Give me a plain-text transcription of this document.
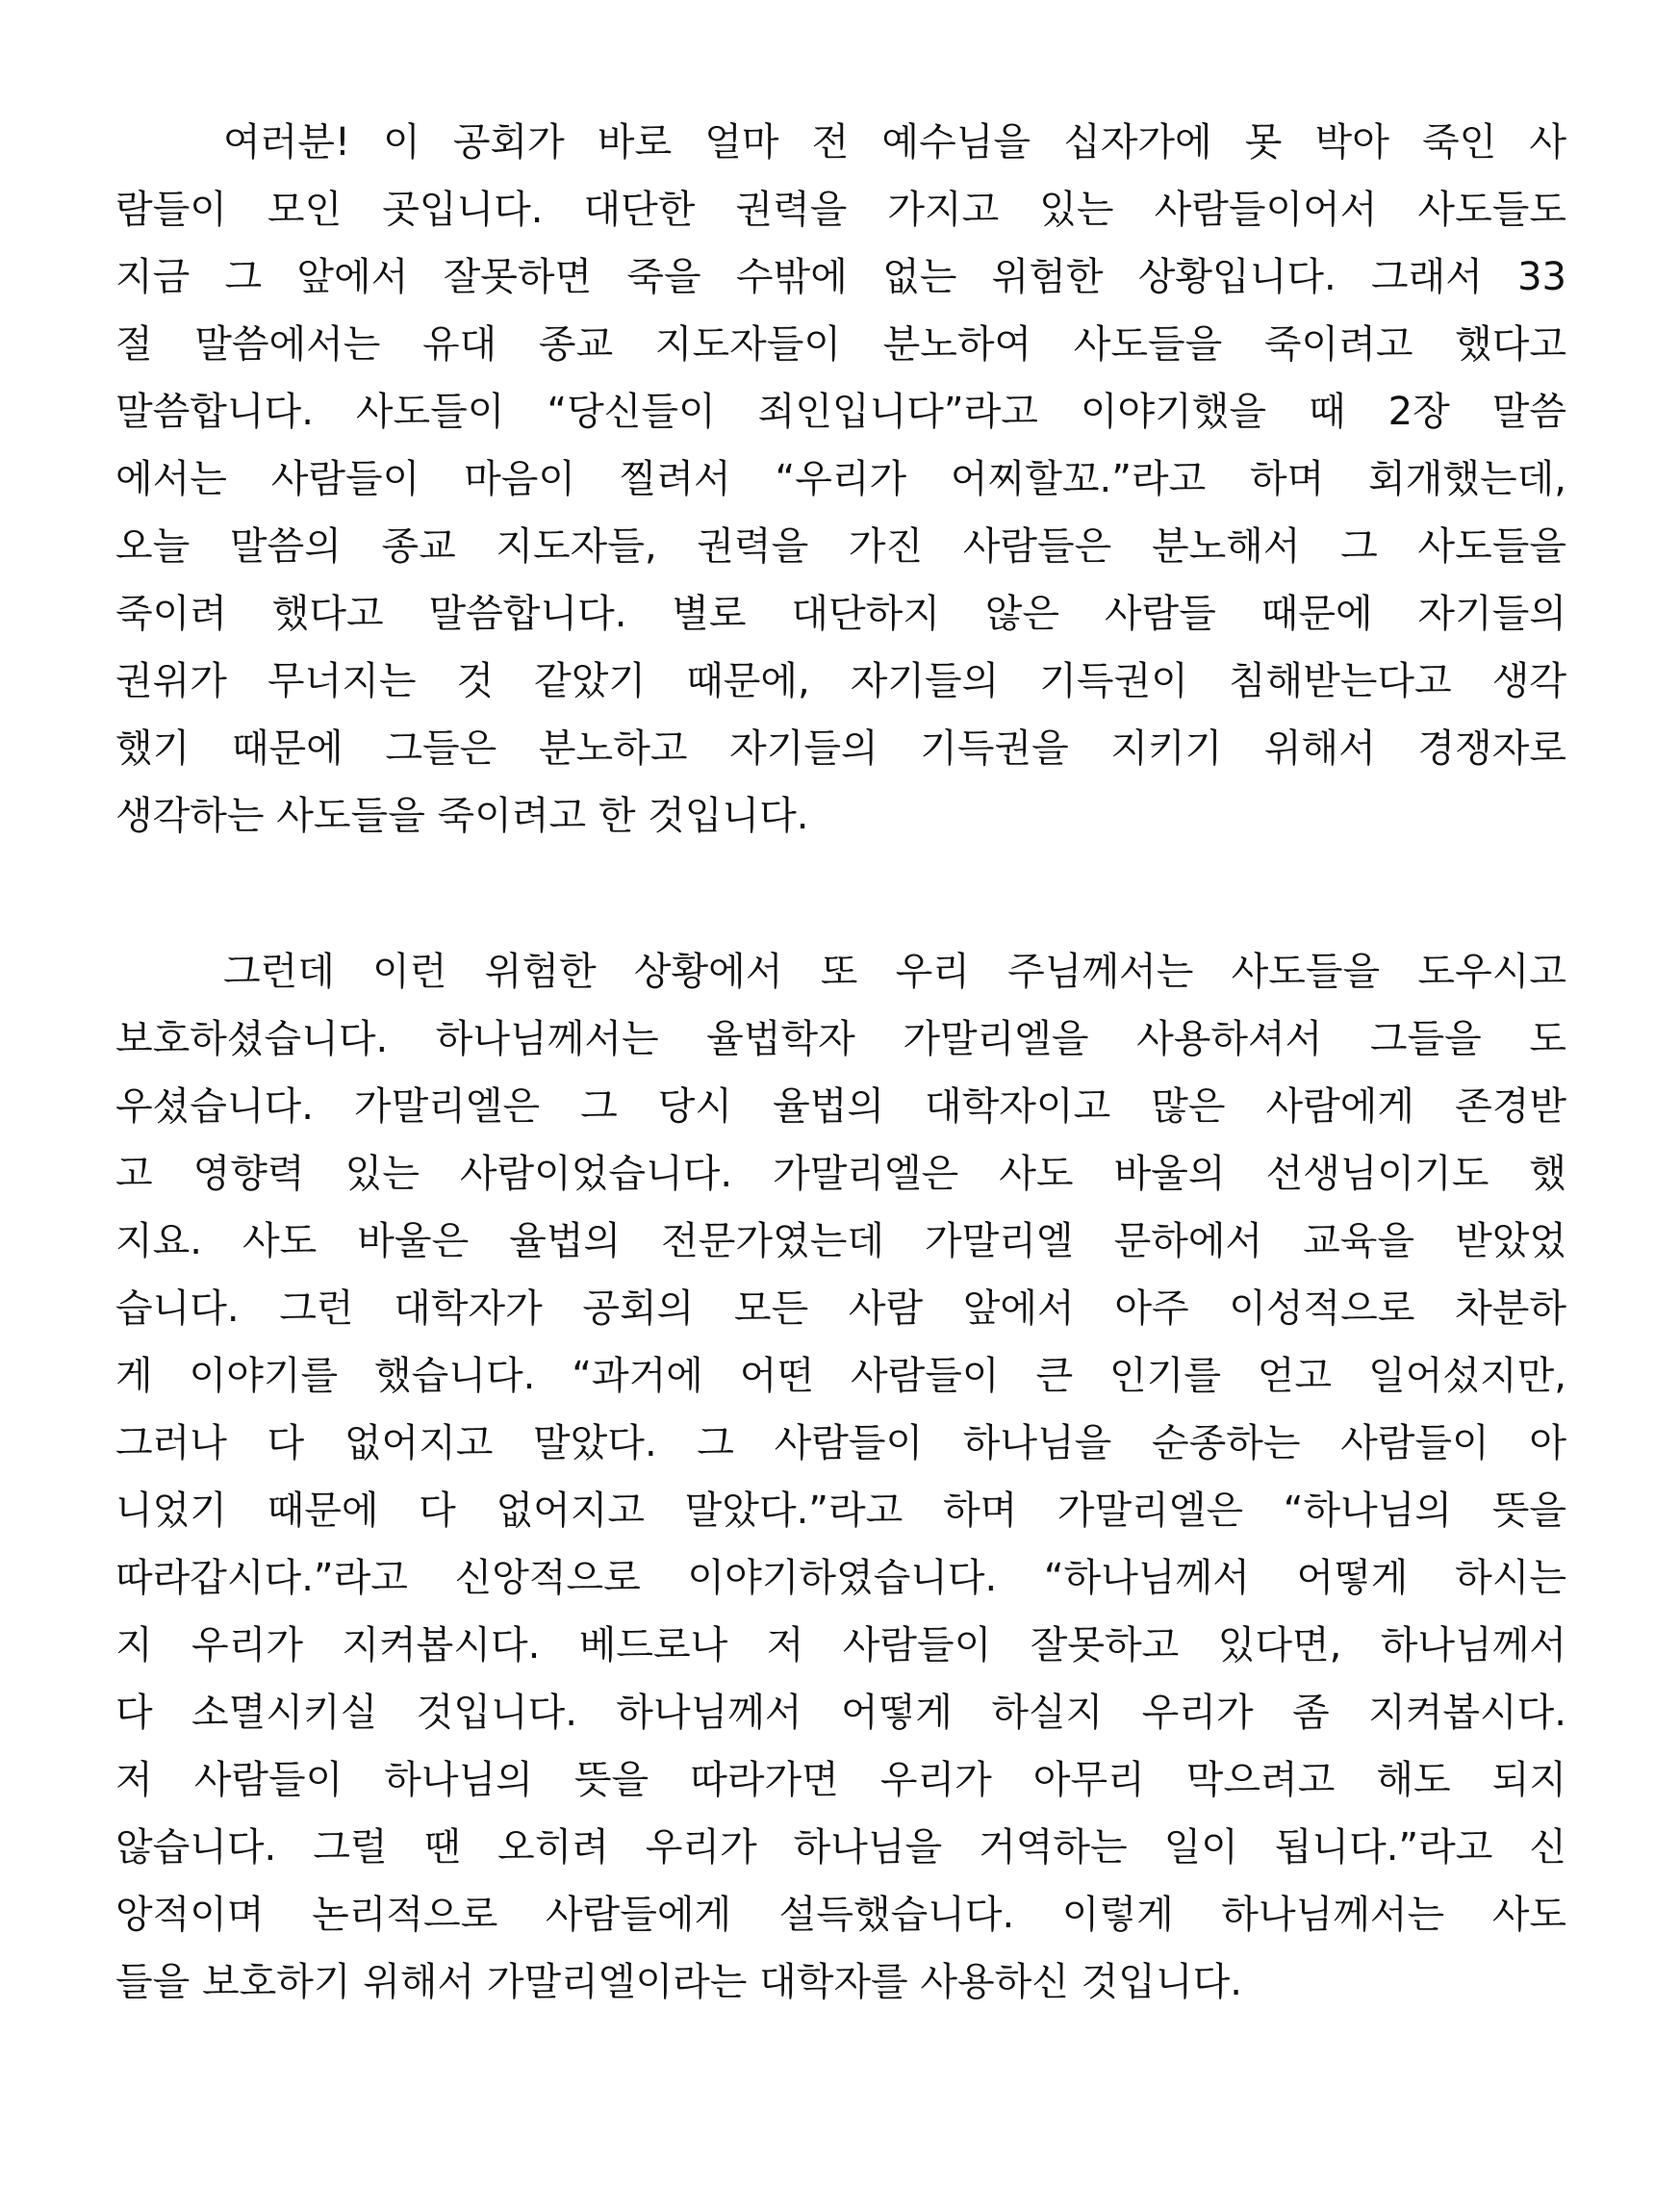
여러분! 이 공회가 바로 얼마 전 예수님을 십자가에 못 박아 죽인 사
람들이 모인 곳입니다. 대단한 권력을 가지고 있는 사람들이어서 사도들도
지금 그 앞에서 잘못하면 죽을 수밖에 없는 위험한 상황입니다. 그래서 33
절 말씀에서는 유대 종교 지도자들이 분노하여 사도들을 죽이려고 했다고
말씀합니다. 사도들이 “당신들이 죄인입니다”라고 이야기했을 때 2장 말씀
에서는 사람들이 마음이 찔려서 “우리가 어찌할꼬.”라고 하며 회개했는데,
오늘 말씀의 종교 지도자들, 권력을 가진 사람들은 분노해서 그 사도들을
죽이려 했다고 말씀합니다. 별로 대단하지 않은 사람들 때문에 자기들의
권위가 무너지는 것 같았기 때문에, 자기들의 기득권이 침해받는다고 생각
했기 때문에 그들은 분노하고 자기들의 기득권을 지키기 위해서 경쟁자로
생각하는 사도들을 죽이려고 한 것입니다.
그런데 이런 위험한 상황에서 또 우리 주님께서는 사도들을 도우시고
보호하셨습니다. 하나님께서는 율법학자 가말리엘을 사용하셔서 그들을 도
우셨습니다. 가말리엘은 그 당시 율법의 대학자이고 많은 사람에게 존경받
고 영향력 있는 사람이었습니다. 가말리엘은 사도 바울의 선생님이기도 했
지요. 사도 바울은 율법의 전문가였는데 가말리엘 문하에서 교육을 받았었
습니다. 그런 대학자가 공회의 모든 사람 앞에서 아주 이성적으로 차분하
게 이야기를 했습니다. “과거에 어떤 사람들이 큰 인기를 얻고 일어섰지만,
그러나 다 없어지고 말았다. 그 사람들이 하나님을 순종하는 사람들이 아
니었기 때문에 다 없어지고 말았다.”라고 하며 가말리엘은 “하나님의 뜻을
따라갑시다.”라고 신앙적으로 이야기하였습니다. “하나님께서 어떻게 하시는
지 우리가 지켜봅시다. 베드로나 저 사람들이 잘못하고 있다면, 하나님께서
다 소멸시키실 것입니다. 하나님께서 어떻게 하실지 우리가 좀 지켜봅시다.
저 사람들이 하나님의 뜻을 따라가면 우리가 아무리 막으려고 해도 되지
않습니다. 그럴 땐 오히려 우리가 하나님을 거역하는 일이 됩니다.”라고 신
앙적이며 논리적으로 사람들에게 설득했습니다. 이렇게 하나님께서는 사도
들을 보호하기 위해서 가말리엘이라는 대학자를 사용하신 것입니다.
